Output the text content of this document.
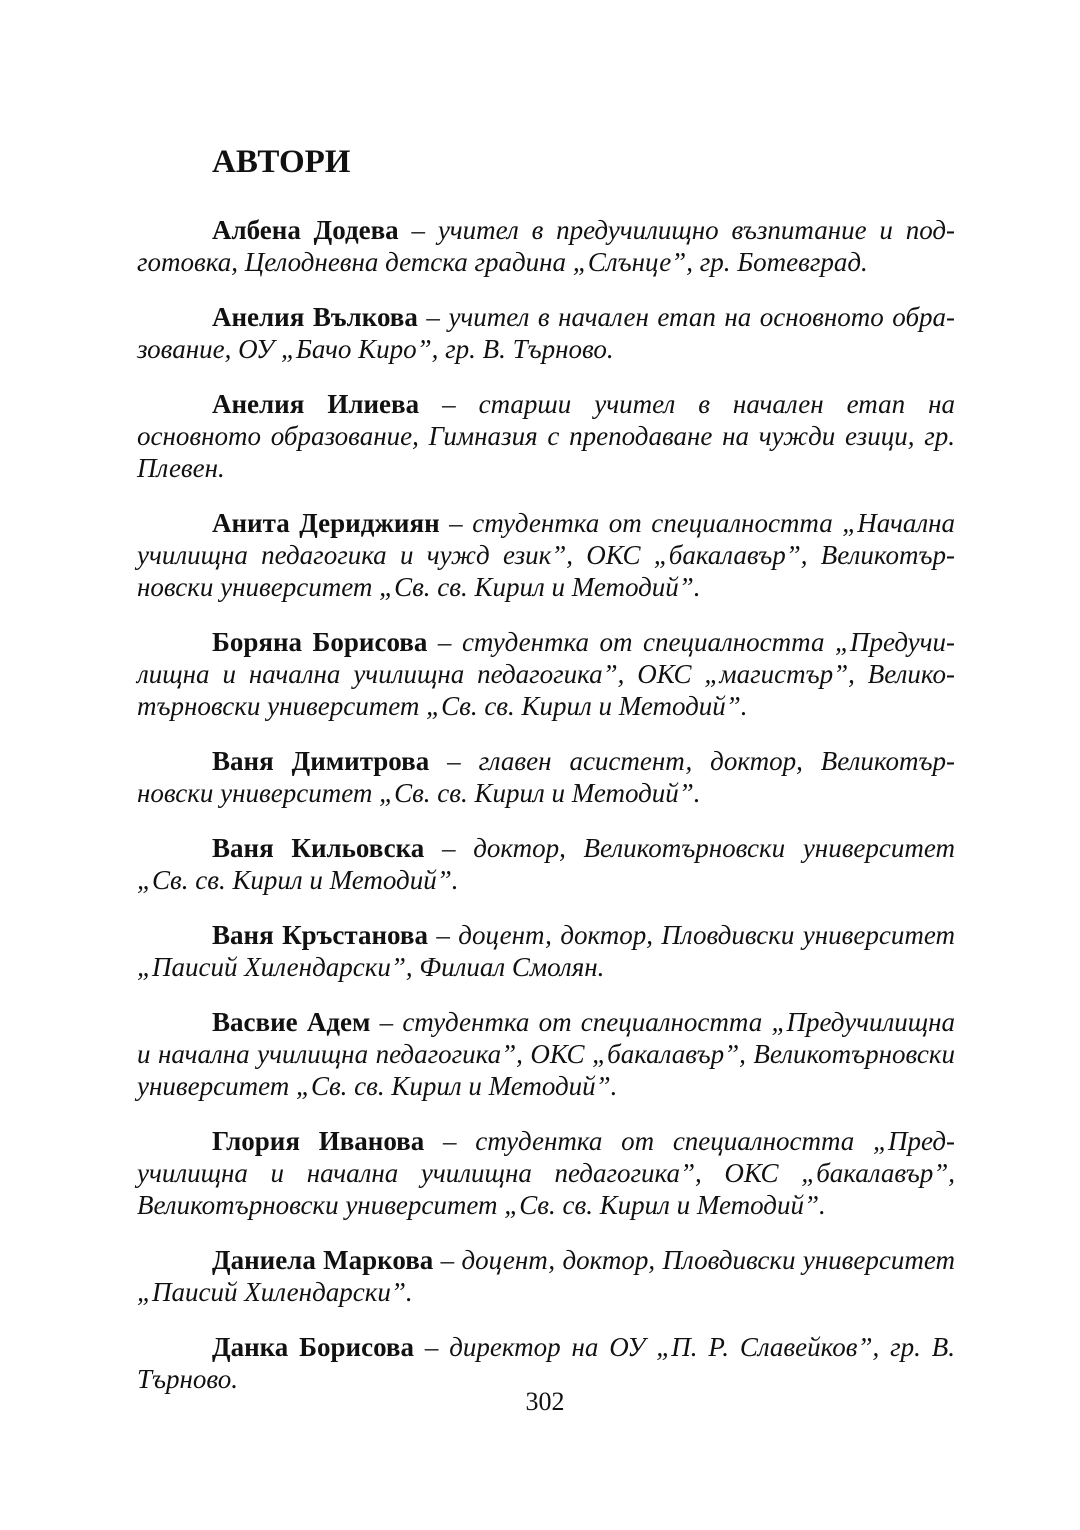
АВТОРИ

Албена Додева – учител в предучилищно възпитание и подготовка, Целодневна детска градина „Слънце”, гр. Ботевград.

Анелия Вълкова – учител в начален етап на основното образование, ОУ „Бачо Киро”, гр. В. Търново.

Анелия Илиева – старши учител в начален етап на основното образование, Гимназия с преподаване на чужди езици, гр. Плевен.

Анита Дериджиян – студентка от специалността „Начална училищна педагогика и чужд език”, ОКС „бакалавър”, Великотърновски университет „Св. св. Кирил и Методий”.

Боряна Борисова – студентка от специалността „Предучилищна и начална училищна педагогика”, ОКС „магистър”, Великотърновски университет „Св. св. Кирил и Методий”.

Ваня Димитрова – главен асистент, доктор, Великотърновски университет „Св. св. Кирил и Методий”.

Ваня Кильовска – доктор, Великотърновски университет „Св. св. Кирил и Методий”.

Ваня Кръстанова – доцент, доктор, Пловдивски университет „Паисий Хилендарски”, Филиал Смолян.

Васвие Адем – студентка от специалността „Предучилищна и начална училищна педагогика”, ОКС „бакалавър”, Великотърновски университет „Св. св. Кирил и Методий”.

Глория Иванова – студентка от специалността „Предучилищна и начална училищна педагогика”, ОКС „бакалавър”, Великотърновски университет „Св. св. Кирил и Методий”.

Даниела Маркова – доцент, доктор, Пловдивски университет „Паисий Хилендарски”.

Данка Борисова – директор на ОУ „П. Р. Славейков”, гр. В. Търново.

302
